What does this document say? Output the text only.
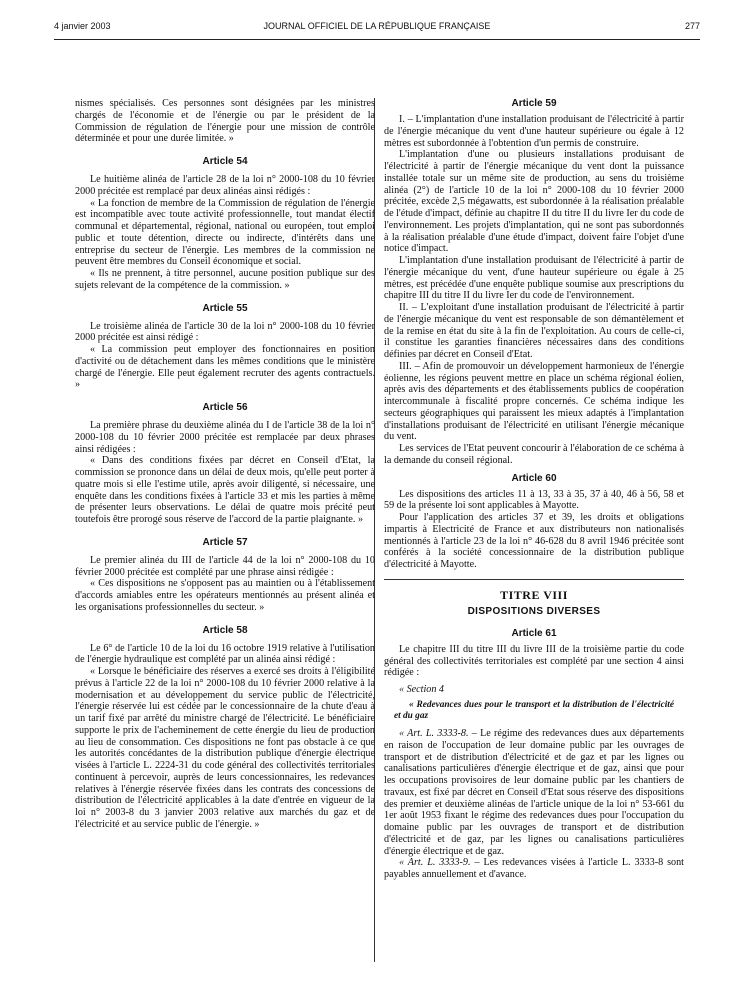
4 janvier 2003	JOURNAL OFFICIEL DE LA RÉPUBLIQUE FRANÇAISE	277

nismes spécialisés. Ces personnes sont désignées par les ministres chargés de l'économie et de l'énergie ou par le président de la Commission de régulation de l'énergie pour une mission de contrôle déterminée et pour une durée limitée. »

Article 54

Le huitième alinéa de l'article 28 de la loi n° 2000-108 du 10 février 2000 précitée est remplacé par deux alinéas ainsi rédigés :

« La fonction de membre de la Commission de régulation de l'énergie est incompatible avec toute activité professionnelle, tout mandat électif communal et départemental, régional, national ou européen, tout emploi public et toute détention, directe ou indirecte, d'intérêts dans une entreprise du secteur de l'énergie. Les membres de la commission ne peuvent être membres du Conseil économique et social.

« Ils ne prennent, à titre personnel, aucune position publique sur des sujets relevant de la compétence de la commission. »

Article 55

Le troisième alinéa de l'article 30 de la loi n° 2000-108 du 10 février 2000 précitée est ainsi rédigé :

« La commission peut employer des fonctionnaires en position d'activité ou de détachement dans les mêmes conditions que le ministère chargé de l'énergie. Elle peut également recruter des agents contractuels. »

Article 56

La première phrase du deuxième alinéa du I de l'article 38 de la loi n° 2000-108 du 10 février 2000 précitée est remplacée par deux phrases ainsi rédigées :

« Dans des conditions fixées par décret en Conseil d'Etat, la commission se prononce dans un délai de deux mois, qu'elle peut porter à quatre mois si elle l'estime utile, après avoir diligenté, si nécessaire, une enquête dans les conditions fixées à l'article 33 et mis les parties à même de présenter leurs observations. Le délai de quatre mois précité peut toutefois être prorogé sous réserve de l'accord de la partie plaignante. »

Article 57

Le premier alinéa du III de l'article 44 de la loi n° 2000-108 du 10 février 2000 précitée est complété par une phrase ainsi rédigée :

« Ces dispositions ne s'opposent pas au maintien ou à l'établissement d'accords amiables entre les opérateurs mentionnés au présent alinéa et les organisations professionnelles du secteur. »

Article 58

Le 6° de l'article 10 de la loi du 16 octobre 1919 relative à l'utilisation de l'énergie hydraulique est complété par un alinéa ainsi rédigé :

« Lorsque le bénéficiaire des réserves a exercé ses droits à l'éligibilité prévus à l'article 22 de la loi n° 2000-108 du 10 février 2000 relative à la modernisation et au développement du service public de l'électricité, l'énergie réservée lui est cédée par le concessionnaire de la chute d'eau à un tarif fixé par arrêté du ministre chargé de l'électricité. Le bénéficiaire supporte le prix de l'acheminement de cette énergie du lieu de production au lieu de consommation. Ces dispositions ne font pas obstacle à ce que les autorités concédantes de la distribution publique d'énergie électrique visées à l'article L. 2224-31 du code général des collectivités territoriales continuent à percevoir, auprès de leurs concessionnaires, les redevances relatives à l'énergie réservée fixées dans les contrats des concessions de distribution de l'électricité applicables à la date d'entrée en vigueur de la loi n° 2003-8 du 3 janvier 2003 relative aux marchés du gaz et de l'électricité et au service public de l'énergie. »

Article 59

I. – L'implantation d'une installation produisant de l'électricité à partir de l'énergie mécanique du vent d'une hauteur supérieure ou égale à 12 mètres est subordonnée à l'obtention d'un permis de construire.

L'implantation d'une ou plusieurs installations produisant de l'électricité à partir de l'énergie mécanique du vent dont la puissance installée totale sur un même site de production, au sens du troisième alinéa (2°) de l'article 10 de la loi n° 2000-108 du 10 février 2000 précitée, excède 2,5 mégawatts, est subordonnée à la réalisation préalable de l'étude d'impact, définie au chapitre II du titre II du livre Ier du code de l'environnement. Les projets d'implantation, qui ne sont pas subordonnés à la réalisation préalable d'une étude d'impact, doivent faire l'objet d'une notice d'impact.

L'implantation d'une installation produisant de l'électricité à partir de l'énergie mécanique du vent, d'une hauteur supérieure ou égale à 25 mètres, est précédée d'une enquête publique soumise aux prescriptions du chapitre III du titre II du livre Ier du code de l'environnement.

II. – L'exploitant d'une installation produisant de l'électricité à partir de l'énergie mécanique du vent est responsable de son démantèlement et de la remise en état du site à la fin de l'exploitation. Au cours de celle-ci, il constitue les garanties financières nécessaires dans des conditions définies par décret en Conseil d'Etat.

III. – Afin de promouvoir un développement harmonieux de l'énergie éolienne, les régions peuvent mettre en place un schéma régional éolien, après avis des départements et des établissements publics de coopération intercommunale à fiscalité propre concernés. Ce schéma indique les secteurs géographiques qui paraissent les mieux adaptés à l'implantation d'installations produisant de l'électricité en utilisant l'énergie mécanique du vent.

Les services de l'Etat peuvent concourir à l'élaboration de ce schéma à la demande du conseil régional.

Article 60

Les dispositions des articles 11 à 13, 33 à 35, 37 à 40, 46 à 56, 58 et 59 de la présente loi sont applicables à Mayotte.

Pour l'application des articles 37 et 39, les droits et obligations impartis à Electricité de France et aux distributeurs non nationalisés mentionnés à l'article 23 de la loi n° 46-628 du 8 avril 1946 précitée sont conférés à la société concessionnaire de la distribution publique d'électricité à Mayotte.

TITRE VIII
DISPOSITIONS DIVERSES
Article 61

Le chapitre III du titre III du livre III de la troisième partie du code général des collectivités territoriales est complété par une section 4 ainsi rédigée :

« Section 4

« Redevances dues pour le transport et la distribution de l'électricité et du gaz

« Art. L. 3333-8. – Le régime des redevances dues aux départements en raison de l'occupation de leur domaine public par les ouvrages de transport et de distribution d'électricité et de gaz et par les lignes ou canalisations particulières d'énergie électrique et de gaz, ainsi que pour les occupations provisoires de leur domaine public par les chantiers de travaux, est fixé par décret en Conseil d'Etat sous réserve des dispositions des premier et deuxième alinéas de l'article unique de la loi n° 53-661 du 1er août 1953 fixant le régime des redevances dues pour l'occupation du domaine public par les ouvrages de transport et de distribution d'électricité et de gaz, par les lignes ou canalisations particulières d'énergie électrique et de gaz.

« Art. L. 3333-9. – Les redevances visées à l'article L. 3333-8 sont payables annuellement et d'avance.
